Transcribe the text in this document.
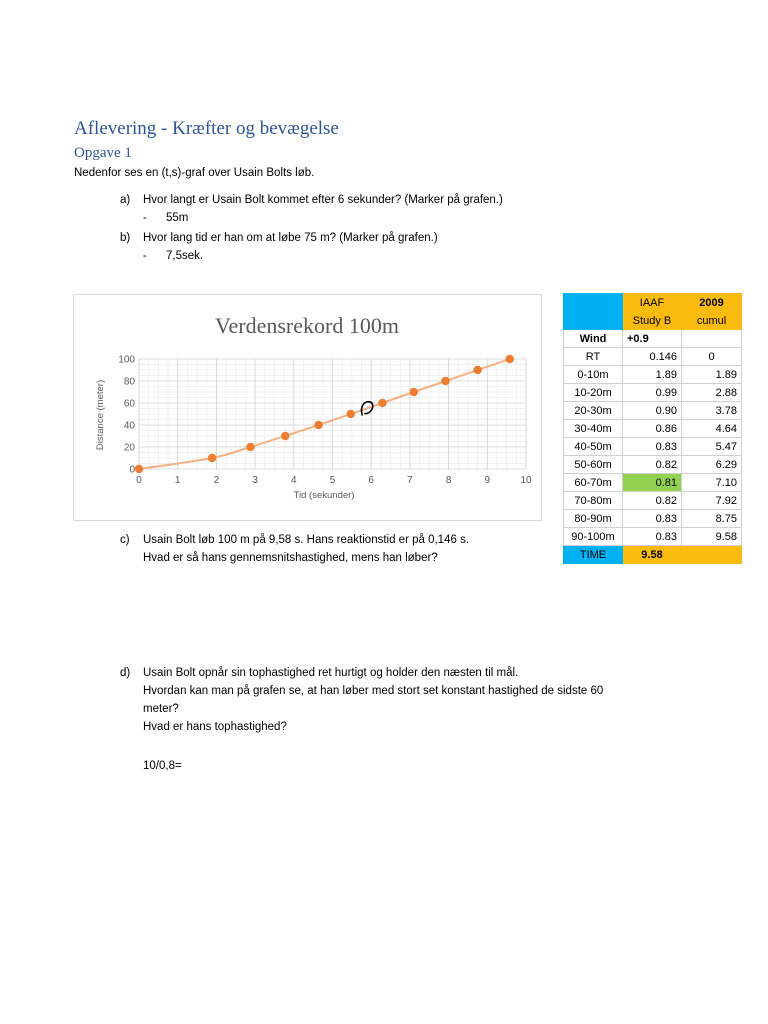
Aflevering - Kræfter og bevægelse
Opgave 1
Nedenfor ses en (t,s)-graf over Usain Bolts løb.
a) Hvor langt er Usain Bolt kommet efter 6 sekunder? (Marker på grafen.)
- 55m
b) Hvor lang tid er han om at løbe 75 m? (Marker på grafen.)
- 7,5sek.
Verdensrekord 100m
0	1	2	3	4	5	6	7	8	9	10
0
20
40
60
80
100
Tid (sekunder)
Distance (meter)
	IAAF	2009
	Study B	cumul
Wind	+0.9	
RT	0.146	0
0-10m	1.89	1.89
10-20m	0.99	2.88
20-30m	0.90	3.78
30-40m	0.86	4.64
40-50m	0.83	5.47
50-60m	0.82	6.29
60-70m	0.81	7.10
70-80m	0.82	7.92
80-90m	0.83	8.75
90-100m	0.83	9.58
TIME	9.58	
c) Usain Bolt løb 100 m på 9,58 s. Hans reaktionstid er på 0,146 s.
Hvad er så hans gennemsnitshastighed, mens han løber?
d) Usain Bolt opnår sin tophastighed ret hurtigt og holder den næsten til mål.
Hvordan kan man på grafen se, at han løber med stort set konstant hastighed de sidste 60
meter?
Hvad er hans tophastighed?
10/0,8=
